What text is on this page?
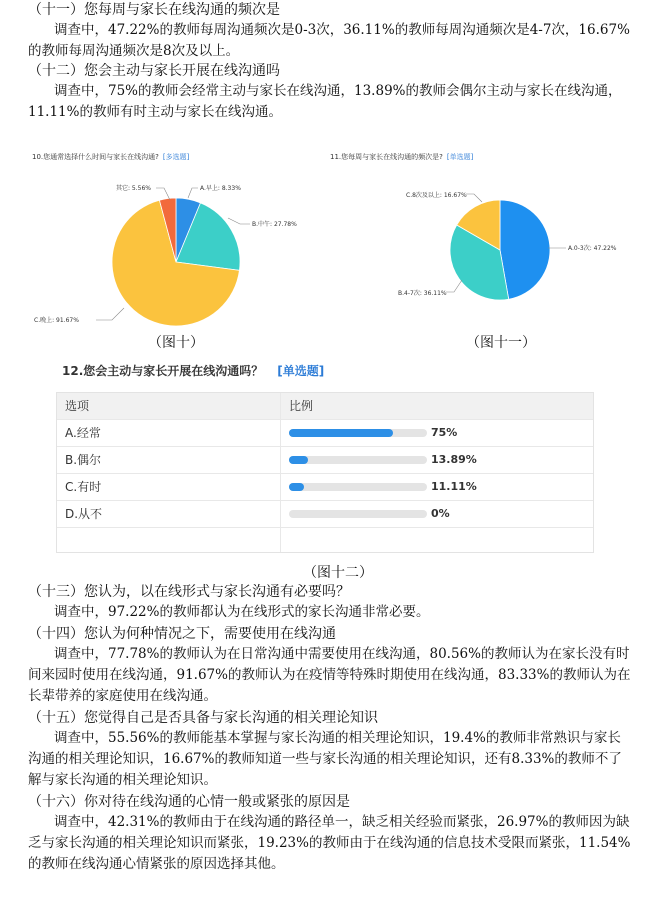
（十一）您每周与家长在线沟通的频次是
调查中，47.22%的教师每周沟通频次是0-3次，36.11%的教师每周沟通频次是4-7次，16.67%的教师每周沟通频次是8次及以上。
（十二）您会主动与家长开展在线沟通吗
调查中，75%的教师会经常主动与家长在线沟通，13.89%的教师会偶尔主动与家长在线沟通，11.11%的教师有时主动与家长在线沟通。
10.您通常选择什么时间与家长在线沟通? [多选题]
A.早上: 8.33%
B.中午: 27.78%
C.晚上: 91.67%
其它: 5.56%
（图十）
11.您每周与家长在线沟通的频次是? [单选题]
A.0-3次: 47.22%
B.4-7次: 36.11%
C.8次及以上: 16.67%
（图十一）
12.您会主动与家长开展在线沟通吗？ [单选题]
选项	比例
A.经常	75%
B.偶尔	13.89%
C.有时	11.11%
D.从不	0%
（图十二）
（十三）您认为，以在线形式与家长沟通有必要吗？
调查中，97.22%的教师都认为在线形式的家长沟通非常必要。
（十四）您认为何种情况之下，需要使用在线沟通
调查中，77.78%的教师认为在日常沟通中需要使用在线沟通，80.56%的教师认为在家长没有时间来园时使用在线沟通，91.67%的教师认为在疫情等特殊时期使用在线沟通，83.33%的教师认为在长辈带养的家庭使用在线沟通。
（十五）您觉得自己是否具备与家长沟通的相关理论知识
调查中，55.56%的教师能基本掌握与家长沟通的相关理论知识，19.4%的教师非常熟识与家长沟通的相关理论知识，16.67%的教师知道一些与家长沟通的相关理论知识，还有8.33%的教师不了解与家长沟通的相关理论知识。
（十六）你对待在线沟通的心情一般或紧张的原因是
调查中，42.31%的教师由于在线沟通的路径单一，缺乏相关经验而紧张，26.97%的教师因为缺乏与家长沟通的相关理论知识而紧张，19.23%的教师由于在线沟通的信息技术受限而紧张，11.54%的教师在线沟通心情紧张的原因选择其他。
